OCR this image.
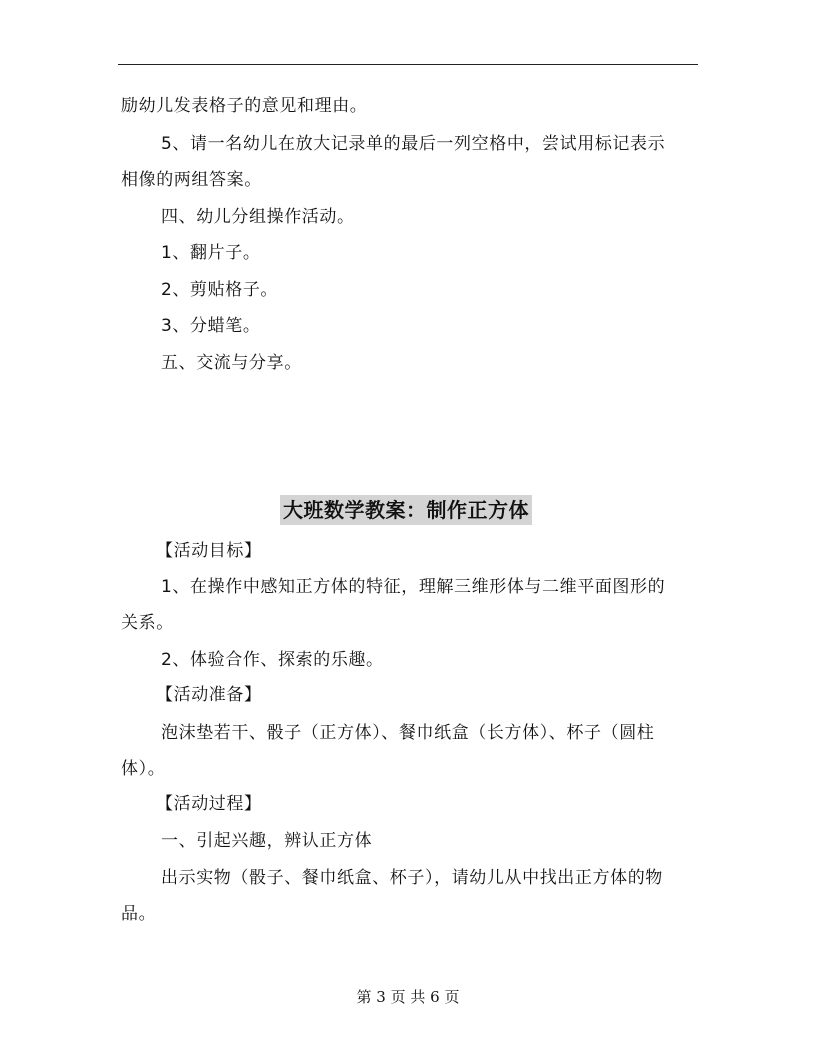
励幼儿发表格子的意见和理由。
5、请一名幼儿在放大记录单的最后一列空格中，尝试用标记表示
相像的两组答案。
四、幼儿分组操作活动。
1、翻片子。
2、剪贴格子。
3、分蜡笔。
五、交流与分享。
大班数学教案：制作正方体
【活动目标】
1、在操作中感知正方体的特征，理解三维形体与二维平面图形的
关系。
2、体验合作、探索的乐趣。
【活动准备】
泡沫垫若干、骰子（正方体）、餐巾纸盒（长方体）、杯子（圆柱
体）。
【活动过程】
一、引起兴趣，辨认正方体
出示实物（骰子、餐巾纸盒、杯子），请幼儿从中找出正方体的物
品。
第 3 页 共 6 页
